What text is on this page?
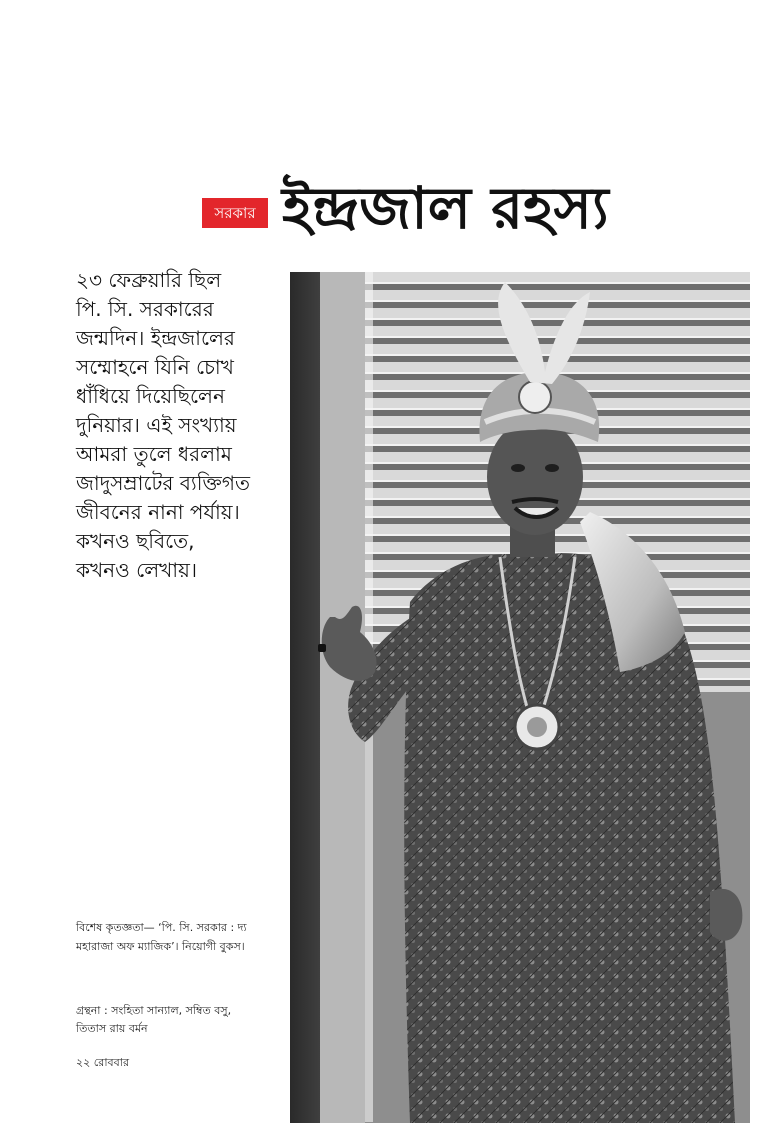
সরকার ইন্দ্রজাল রহস্য
২৩ ফেব্রুয়ারি ছিল
পি. সি. সরকারের
জন্মদিন। ইন্দ্রজালের
সম্মোহনে যিনি চোখ
ধাঁধিয়ে দিয়েছিলেন
দুনিয়ার। এই সংখ্যায়
আমরা তুলে ধরলাম
জাদুসম্রাটের ব্যক্তিগত
জীবনের নানা পর্যায়।
কখনও ছবিতে,
কখনও লেখায়।
বিশেষ কৃতজ্ঞতা— ‘পি. সি. সরকার : দ্য
মহারাজা অফ ম্যাজিক’। নিয়োগী বুকস।
গ্রন্থনা : সংহিতা সান্যাল, সম্বিত বসু,
তিতাস রায় বর্মন
২২ রোববার
